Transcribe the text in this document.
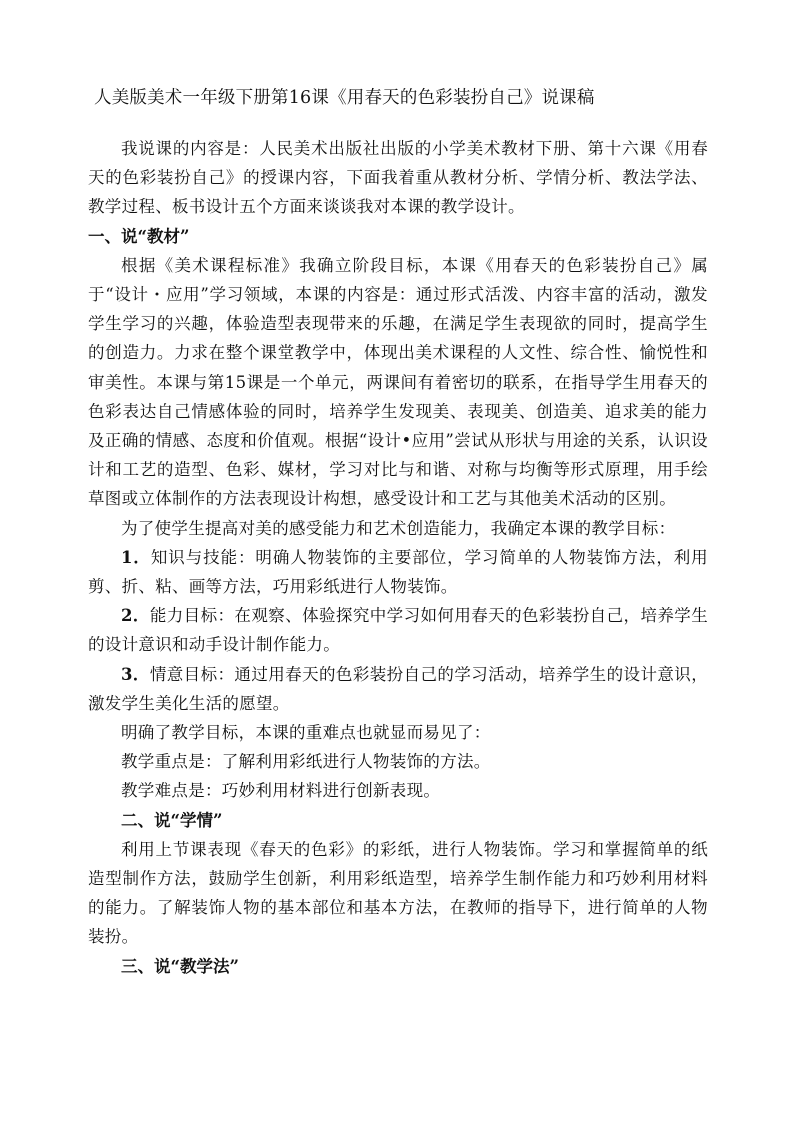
人美版美术一年级下册第16课《用春天的色彩装扮自己》说课稿

我说课的内容是：人民美术出版社出版的小学美术教材下册、第十六课《用春天的色彩装扮自己》的授课内容，下面我着重从教材分析、学情分析、教法学法、教学过程、板书设计五个方面来谈谈我对本课的教学设计。

一、说“教材”

根据《美术课程标准》我确立阶段目标，本课《用春天的色彩装扮自己》属于“设计・应用”学习领域，本课的内容是：通过形式活泼、内容丰富的活动，激发学生学习的兴趣，体验造型表现带来的乐趣，在满足学生表现欲的同时，提高学生的创造力。力求在整个课堂教学中，体现出美术课程的人文性、综合性、愉悦性和审美性。本课与第15课是一个单元，两课间有着密切的联系，在指导学生用春天的色彩表达自己情感体验的同时，培养学生发现美、表现美、创造美、追求美的能力及正确的情感、态度和价值观。根据“设计•应用”尝试从形状与用途的关系，认识设计和工艺的造型、色彩、媒材，学习对比与和谐、对称与均衡等形式原理，用手绘草图或立体制作的方法表现设计构想，感受设计和工艺与其他美术活动的区别。

为了使学生提高对美的感受能力和艺术创造能力，我确定本课的教学目标：

1．知识与技能：明确人物装饰的主要部位，学习简单的人物装饰方法，利用剪、折、粘、画等方法，巧用彩纸进行人物装饰。

2．能力目标：在观察、体验探究中学习如何用春天的色彩装扮自己，培养学生的设计意识和动手设计制作能力。

3．情意目标：通过用春天的色彩装扮自己的学习活动，培养学生的设计意识，激发学生美化生活的愿望。

明确了教学目标，本课的重难点也就显而易见了：

教学重点是：了解利用彩纸进行人物装饰的方法。

教学难点是：巧妙利用材料进行创新表现。

二、说“学情”

利用上节课表现《春天的色彩》的彩纸，进行人物装饰。学习和掌握简单的纸造型制作方法，鼓励学生创新，利用彩纸造型，培养学生制作能力和巧妙利用材料的能力。了解装饰人物的基本部位和基本方法，在教师的指导下，进行简单的人物装扮。

三、说“教学法”
